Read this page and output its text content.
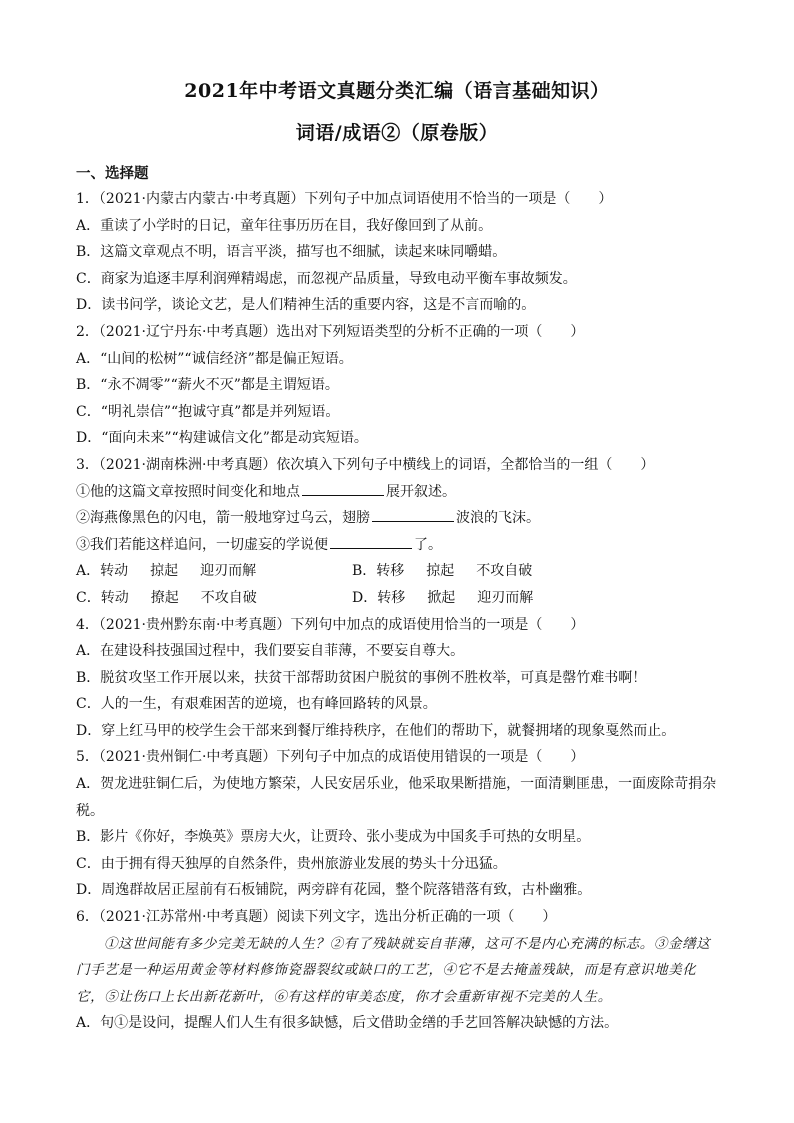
2021年中考语文真题分类汇编（语言基础知识）
词语/成语②（原卷版）
一、选择题
1．（2021·内蒙古内蒙古·中考真题）下列句子中加点词语使用不恰当的一项是（　　）
A．重读了小学时的日记，童年往事历历在目，我好像回到了从前。
B．这篇文章观点不明，语言平淡，描写也不细腻，读起来味同嚼蜡。
C．商家为追逐丰厚利润殚精竭虑，而忽视产品质量，导致电动平衡车事故频发。
D．读书问学，谈论文艺，是人们精神生活的重要内容，这是不言而喻的。
2．（2021·辽宁丹东·中考真题）选出对下列短语类型的分析不正确的一项（　　）
A．“山间的松树”“诚信经济”都是偏正短语。
B．“永不凋零”“薪火不灭”都是主谓短语。
C．“明礼崇信”“抱诚守真”都是并列短语。
D．“面向未来”“构建诚信文化”都是动宾短语。
3．（2021·湖南株洲·中考真题）依次填入下列句子中横线上的词语，全都恰当的一组（　　）
①他的这篇文章按照时间变化和地点	展开叙述。
②海燕像黑色的闪电，箭一般地穿过乌云，翅膀	波浪的飞沫。
③我们若能这样追问，一切虚妄的学说便	了。
A．转动 掠起 迎刃而解	B．转移 掠起 不攻自破
C．转动 撩起 不攻自破	D．转移 掀起 迎刃而解
4．（2021·贵州黔东南·中考真题）下列句中加点的成语使用恰当的一项是（　　）
A．在建设科技强国过程中，我们要妄自菲薄，不要妄自尊大。
B．脱贫攻坚工作开展以来，扶贫干部帮助贫困户脱贫的事例不胜枚举，可真是罄竹难书啊！
C．人的一生，有艰难困苦的逆境，也有峰回路转的风景。
D．穿上红马甲的校学生会干部来到餐厅维持秩序，在他们的帮助下，就餐拥堵的现象戛然而止。
5．（2021·贵州铜仁·中考真题）下列句子中加点的成语使用错误的一项是（　　）
A．贺龙进驻铜仁后，为使地方繁荣，人民安居乐业，他采取果断措施，一面清剿匪患，一面废除苛捐杂
税。
B．影片《你好，李焕英》票房大火，让贾玲、张小斐成为中国炙手可热的女明星。
C．由于拥有得天独厚的自然条件，贵州旅游业发展的势头十分迅猛。
D．周逸群故居正屋前有石板铺院，两旁辟有花园，整个院落错落有致，古朴幽雅。
6．（2021·江苏常州·中考真题）阅读下列文字，选出分析正确的一项（　　）
①这世间能有多少完美无缺的人生？②有了残缺就妄自菲薄，这可不是内心充满的标志。③金缮这
门手艺是一种运用黄金等材料修饰瓷器裂纹或缺口的工艺，④它不是去掩盖残缺，而是有意识地美化
它，⑤让伤口上长出新花新叶，⑥有这样的审美态度，你才会重新审视不完美的人生。
A．句①是设问，提醒人们人生有很多缺憾，后文借助金缮的手艺回答解决缺憾的方法。
